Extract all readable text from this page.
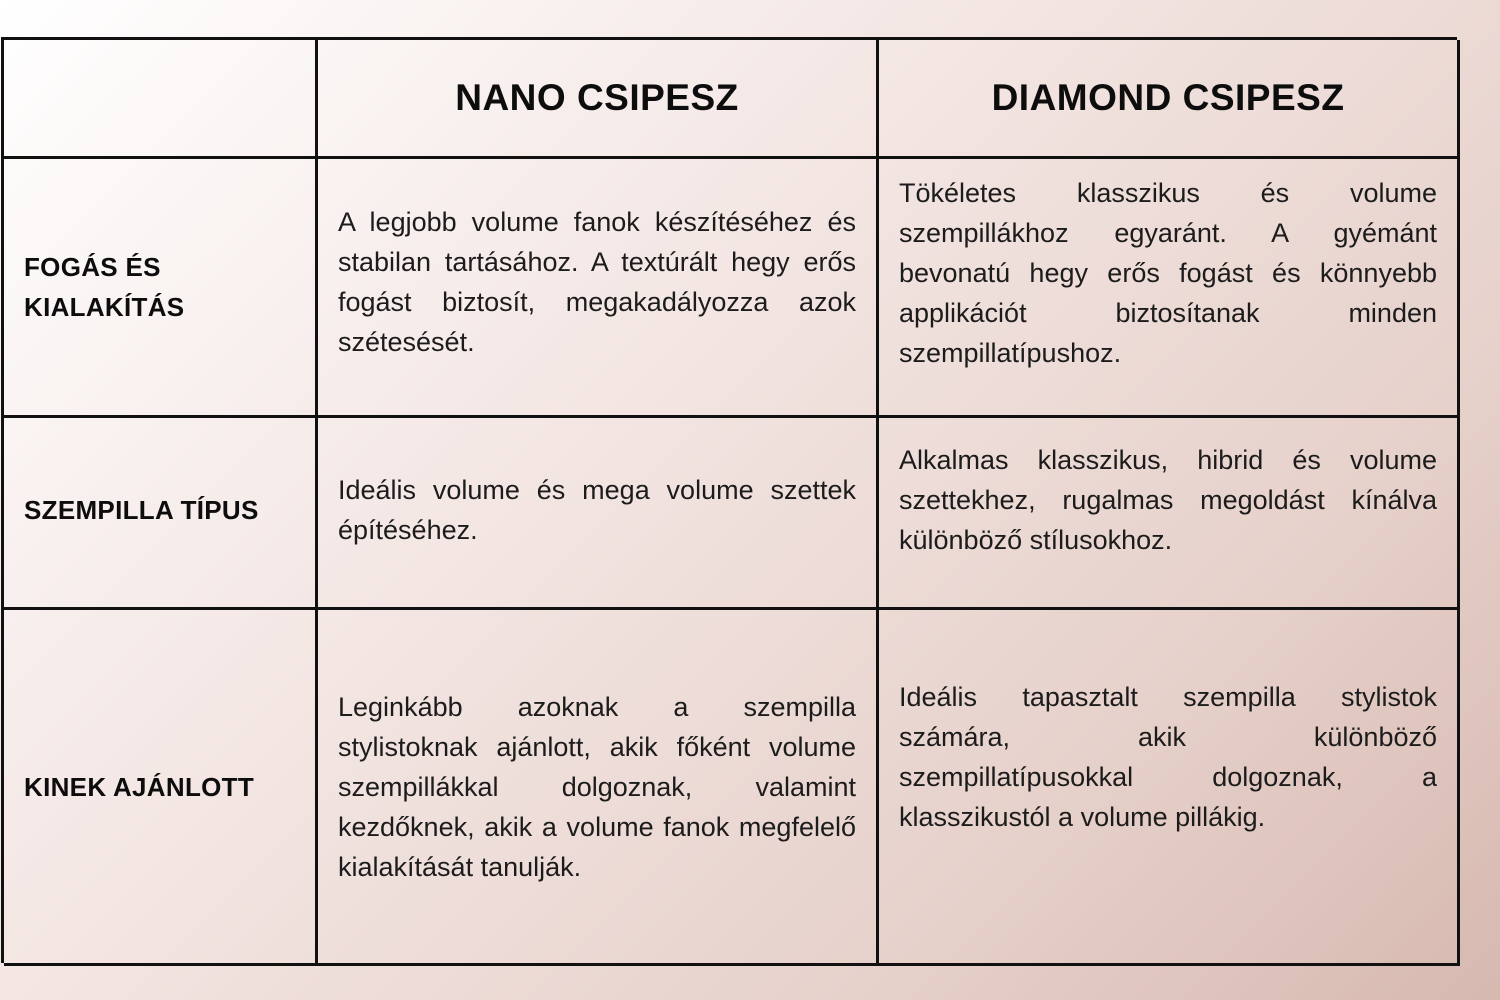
NANO CSIPESZ	DIAMOND CSIPESZ
FOGÁS ÉS KIALAKÍTÁS
A legjobb volume fanok készítéséhez és stabilan tartásához. A textúrált hegy erős fogást biztosít, megakadályozza azok szétesését.
Tökéletes klasszikus és volume szempillákhoz egyaránt. A gyémánt bevonatú hegy erős fogást és könnyebb applikációt biztosítanak minden szempillatípushoz.
SZEMPILLA TÍPUS
Ideális volume és mega volume szettek építéséhez.
Alkalmas klasszikus, hibrid és volume szettekhez, rugalmas megoldást kínálva különböző stílusokhoz.
KINEK AJÁNLOTT
Leginkább azoknak a szempilla stylistoknak ajánlott, akik főként volume szempillákkal dolgoznak, valamint kezdőknek, akik a volume fanok megfelelő kialakítását tanulják.
Ideális tapasztalt szempilla stylistok számára, akik különböző szempillatípusokkal dolgoznak, a klasszikustól a volume pillákig.
